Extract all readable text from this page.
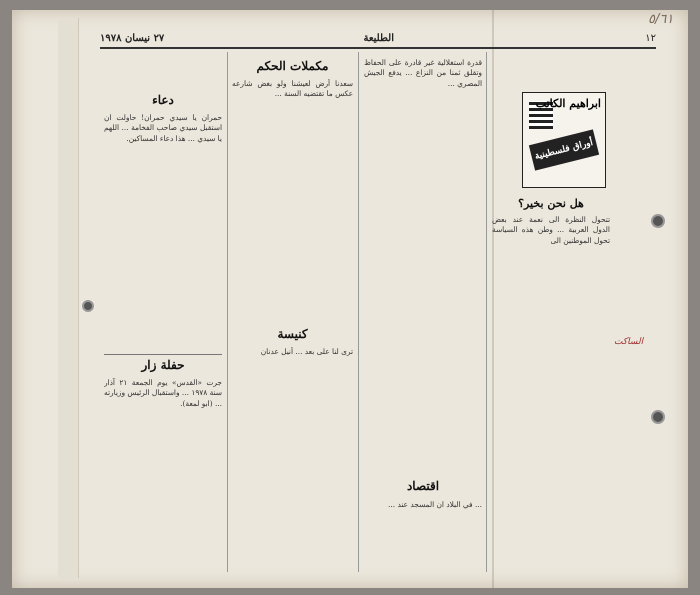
٥/٦١
الساكت
١٢
الطليعة
٢٧ نيسان ١٩٧٨
ابراهيم الكاتب
أوراق فلسطينية
دعاء

حمران يا سيدي حمران! حاولت ان استقبل سيدي صاحب الفخامة ... اللهم يا سيدي ... هذا دعاء المساكين.

حفلة زار

جرت «القدس» يوم الجمعة ٢١ آذار سنة ١٩٧٨ ... واستقبال الرئيس وزيارته ... (ابو لمعة).

مكملات الحكم

سعدنا أرض لعيشنا ولو بغض شارعه عكس ما تقتضيه السنة ...

كنيسة

ترى لنا على بعد ... أنيل عدنان

قدرة استغلالية غير قادرة على الحفاظ وتقلق ثمنا من النزاع ... يدفع الجيش المصري ...

اقتصاد

... في البلاد ان المسجد عند ...

هل نحن بخير؟

تتحول النظرة الى نعمة عند بعض الدول العربية ... وطن هذه السياسة تحول الموطنين الى
